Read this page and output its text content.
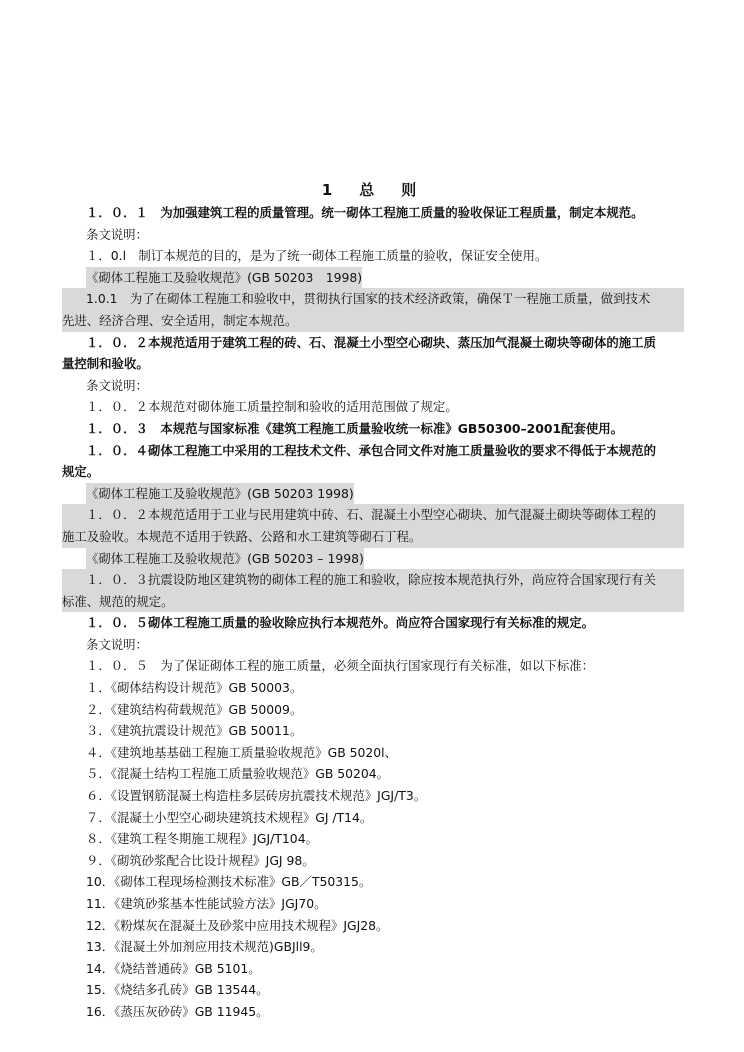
1　总　则
１．０．１　为加强建筑工程的质量管理。统一砌体工程施工质量的验收保证工程质量，制定本规范。
条文说明：
１．0.l　制订本规范的目的，是为了统一砌体工程施工质量的验收，保证安全使用。
《砌体工程施工及验收规范》(GB 50203　1998)
1.0.1　为了在砌体工程施工和验收中，贯彻执行国家的技术经济政策，确保Ｔ一程施工质量，做到技术
先进、经济合理、安全适用，制定本规范。
１．０．２本规范适用于建筑工程的砖、石、混凝土小型空心砌块、蒸压加气混凝土砌块等砌体的施工质
量控制和验收。
条文说明：
１．０．２本规范对砌体施工质量控制和验收的适用范围做了规定。
１．０．３　本规范与国家标准《建筑工程施工质量验收统一标准》GB50300–2001配套使用。
１．０．４砌体工程施工中采用的工程技术文件、承包合同文件对施工质量验收的要求不得低于本规范的
规定。
《砌体工程施工及验收规范》(GB 50203 1998)
１．０．２本规范适用于工业与民用建筑中砖、石、混凝土小型空心砌块、加气混凝土砌块等砌体工程的
施工及验收。本规范不适用于铁路、公路和水工建筑等砌石丁程。
《砌体工程施工及验收规范》(GB 50203 – 1998)
１．０．３抗震设防地区建筑物的砌体工程的施工和验收，除应按本规范执行外，尚应符合国家现行有关
标准、规范的规定。
１．０．５砌体工程施工质量的验收除应执行本规范外。尚应符合国家现行有关标准的规定。
条文说明：
１．０．５　为了保证砌体工程的施工质量，必须全面执行国家现行有关标准，如以下标准：
１．《砌体结构设计规范》GB 50003。
２．《建筑结构荷载规范》GB 50009。
３．《建筑抗震设计规范》GB 50011。
４．《建筑地基基础工程施工质量验收规范》GB 5020l、
５．《混凝土结构工程施工质量验收规范》GB 50204。
６．《设置钢筋混凝土构造柱多层砖房抗震技术规范》JGJ/T3。
７．《混凝土小型空心砌块建筑技术规程》GJ /T14。
８．《建筑工程冬期施工规程》JGJ/T104。
９．《砌筑砂浆配合比设计规程》JGJ 98。
10．《砌体工程现场检测技术标准》GB／T50315。
11．《建筑砂浆基本性能试验方法》JGJ70。
12．《粉煤灰在混凝土及砂浆中应用技术规程》JGJ28。
13．《混凝土外加剂应用技术规范)GBJll9。
14．《烧结普通砖》GB 5101。
15．《烧结多孔砖》GB 13544。
16．《蒸压灰砂砖》GB 11945。
